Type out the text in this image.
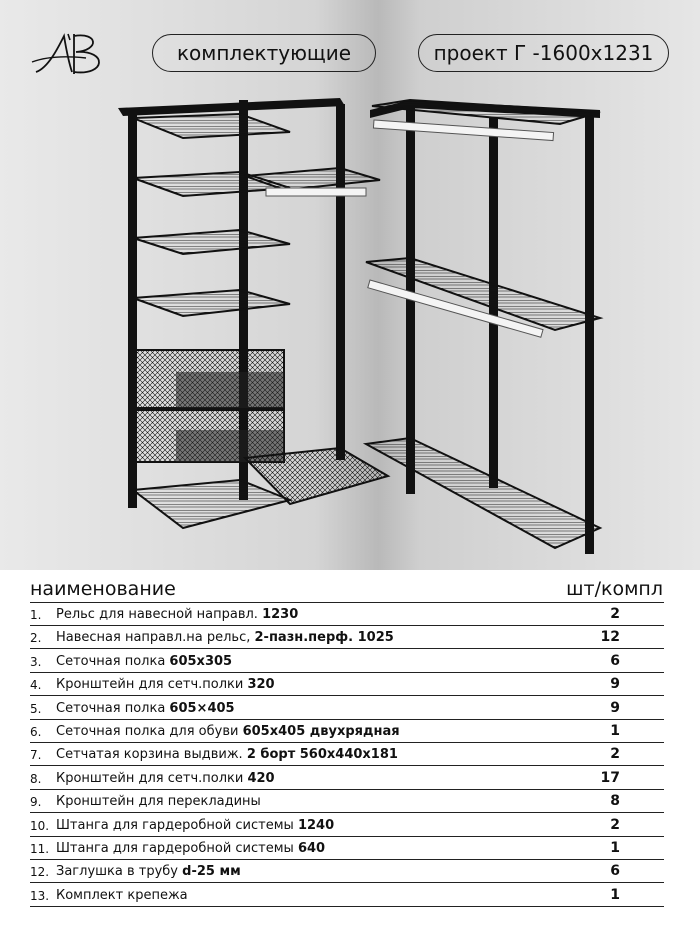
комплектующие	проект Г -1600x1231
наименование	шт/компл
1.	Рельс для навесной направл. 1230	2
2.	Навесная направл.на рельс, 2-пазн.перф. 1025	12
3.	Сеточная полка 605x305	6
4.	Кронштейн для сетч.полки 320	9
5.	Сеточная полка 605×405	9
6.	Сеточная полка для обуви 605x405 двухрядная	1
7.	Сетчатая корзина выдвиж. 2 борт 560x440x181	2
8.	Кронштейн для сетч.полки 420	17
9.	Кронштейн для перекладины	8
10. Штанга для гардеробной системы 1240	2
11. Штанга для гардеробной системы 640	1
12. Заглушка в трубу d-25 мм	6
13. Комплект крепежа	1
